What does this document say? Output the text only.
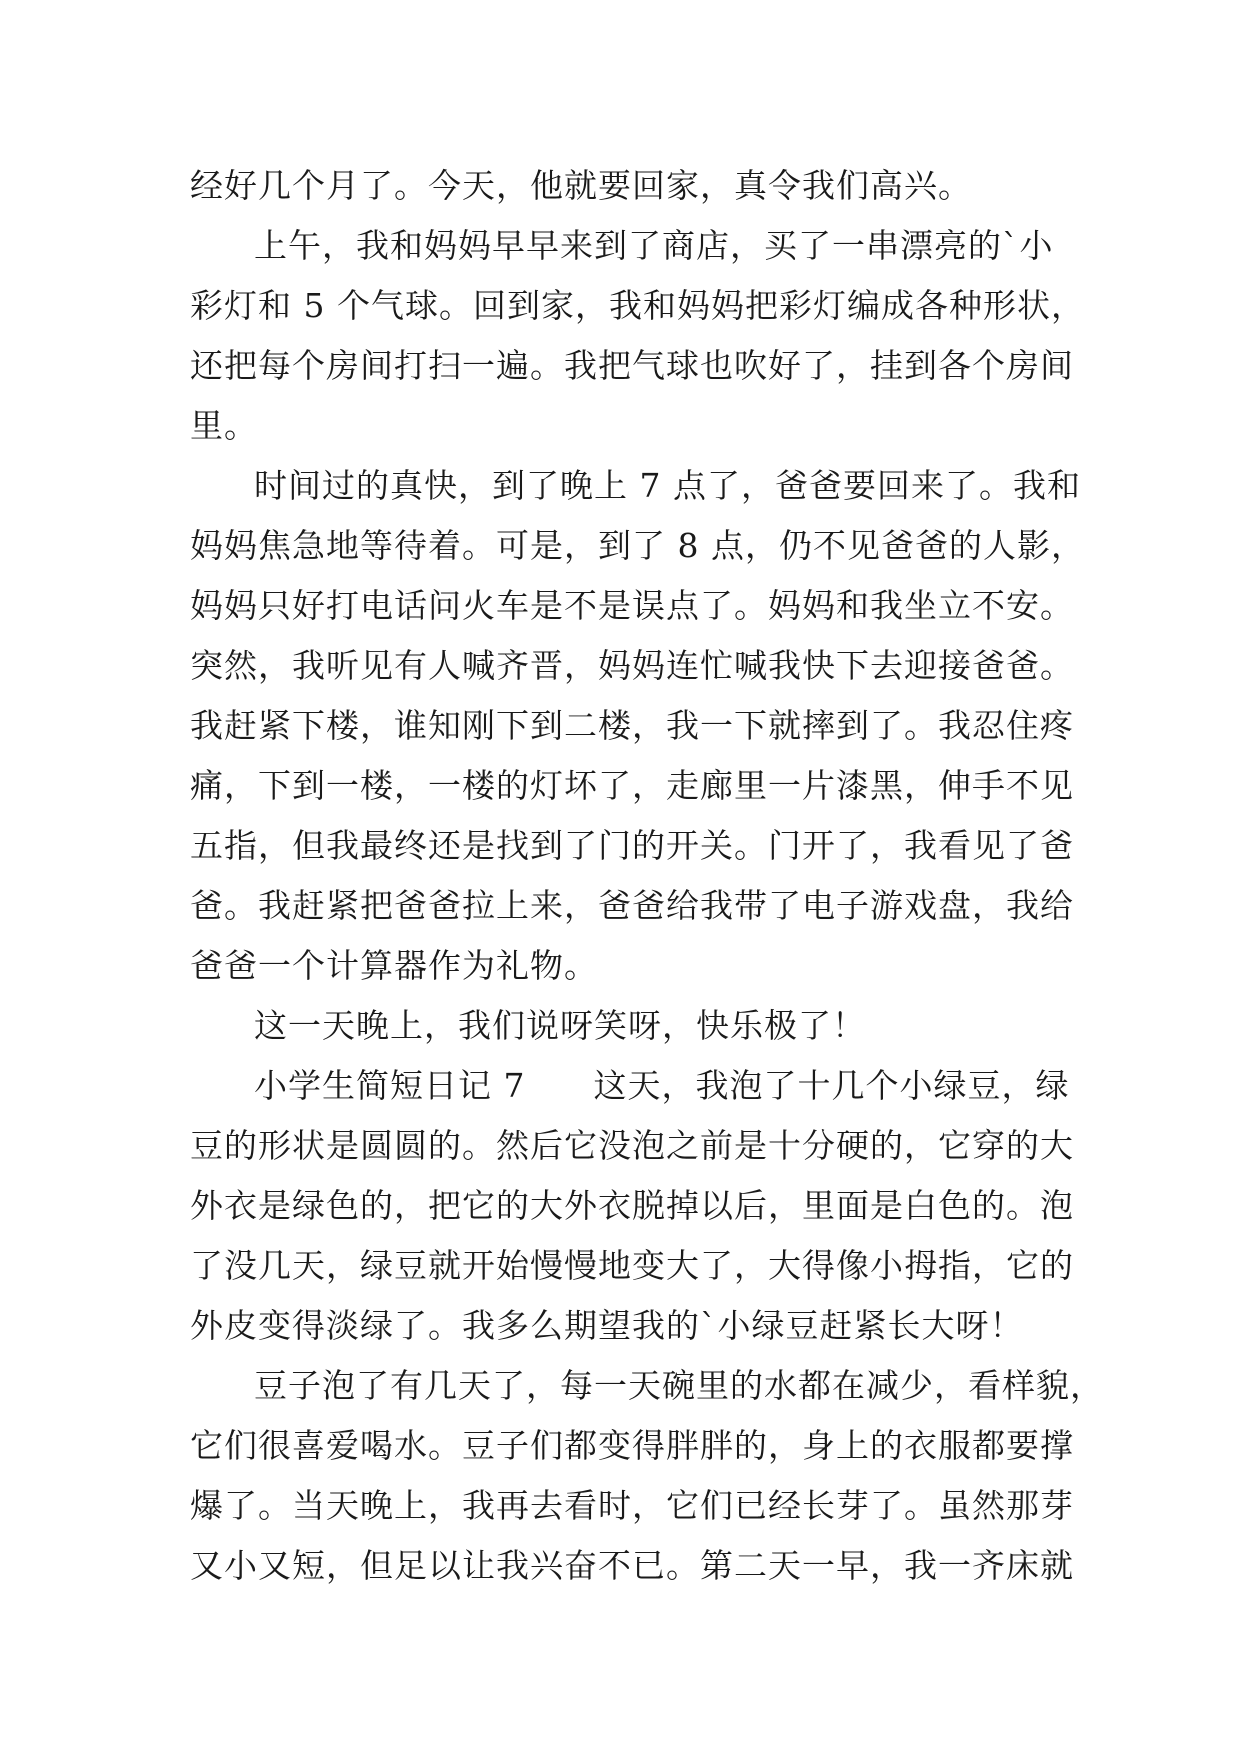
经好几个月了。今天，他就要回家，真令我们高兴。
上午，我和妈妈早早来到了商店，买了一串漂亮的`小
彩灯和 5 个气球。回到家，我和妈妈把彩灯编成各种形状，
还把每个房间打扫一遍。我把气球也吹好了，挂到各个房间
里。
时间过的真快，到了晚上 7 点了，爸爸要回来了。我和
妈妈焦急地等待着。可是，到了 8 点，仍不见爸爸的人影，
妈妈只好打电话问火车是不是误点了。妈妈和我坐立不安。
突然，我听见有人喊齐晋，妈妈连忙喊我快下去迎接爸爸。
我赶紧下楼，谁知刚下到二楼，我一下就摔到了。我忍住疼
痛，下到一楼，一楼的灯坏了，走廊里一片漆黑，伸手不见
五指，但我最终还是找到了门的开关。门开了，我看见了爸
爸。我赶紧把爸爸拉上来，爸爸给我带了电子游戏盘，我给
爸爸一个计算器作为礼物。
这一天晚上，我们说呀笑呀，快乐极了！
小学生简短日记 7　　这天，我泡了十几个小绿豆，绿
豆的形状是圆圆的。然后它没泡之前是十分硬的，它穿的大
外衣是绿色的，把它的大外衣脱掉以后，里面是白色的。泡
了没几天，绿豆就开始慢慢地变大了，大得像小拇指，它的
外皮变得淡绿了。我多么期望我的`小绿豆赶紧长大呀！
豆子泡了有几天了，每一天碗里的水都在减少，看样貌，
它们很喜爱喝水。豆子们都变得胖胖的，身上的衣服都要撑
爆了。当天晚上，我再去看时，它们已经长芽了。虽然那芽
又小又短，但足以让我兴奋不已。第二天一早，我一齐床就
